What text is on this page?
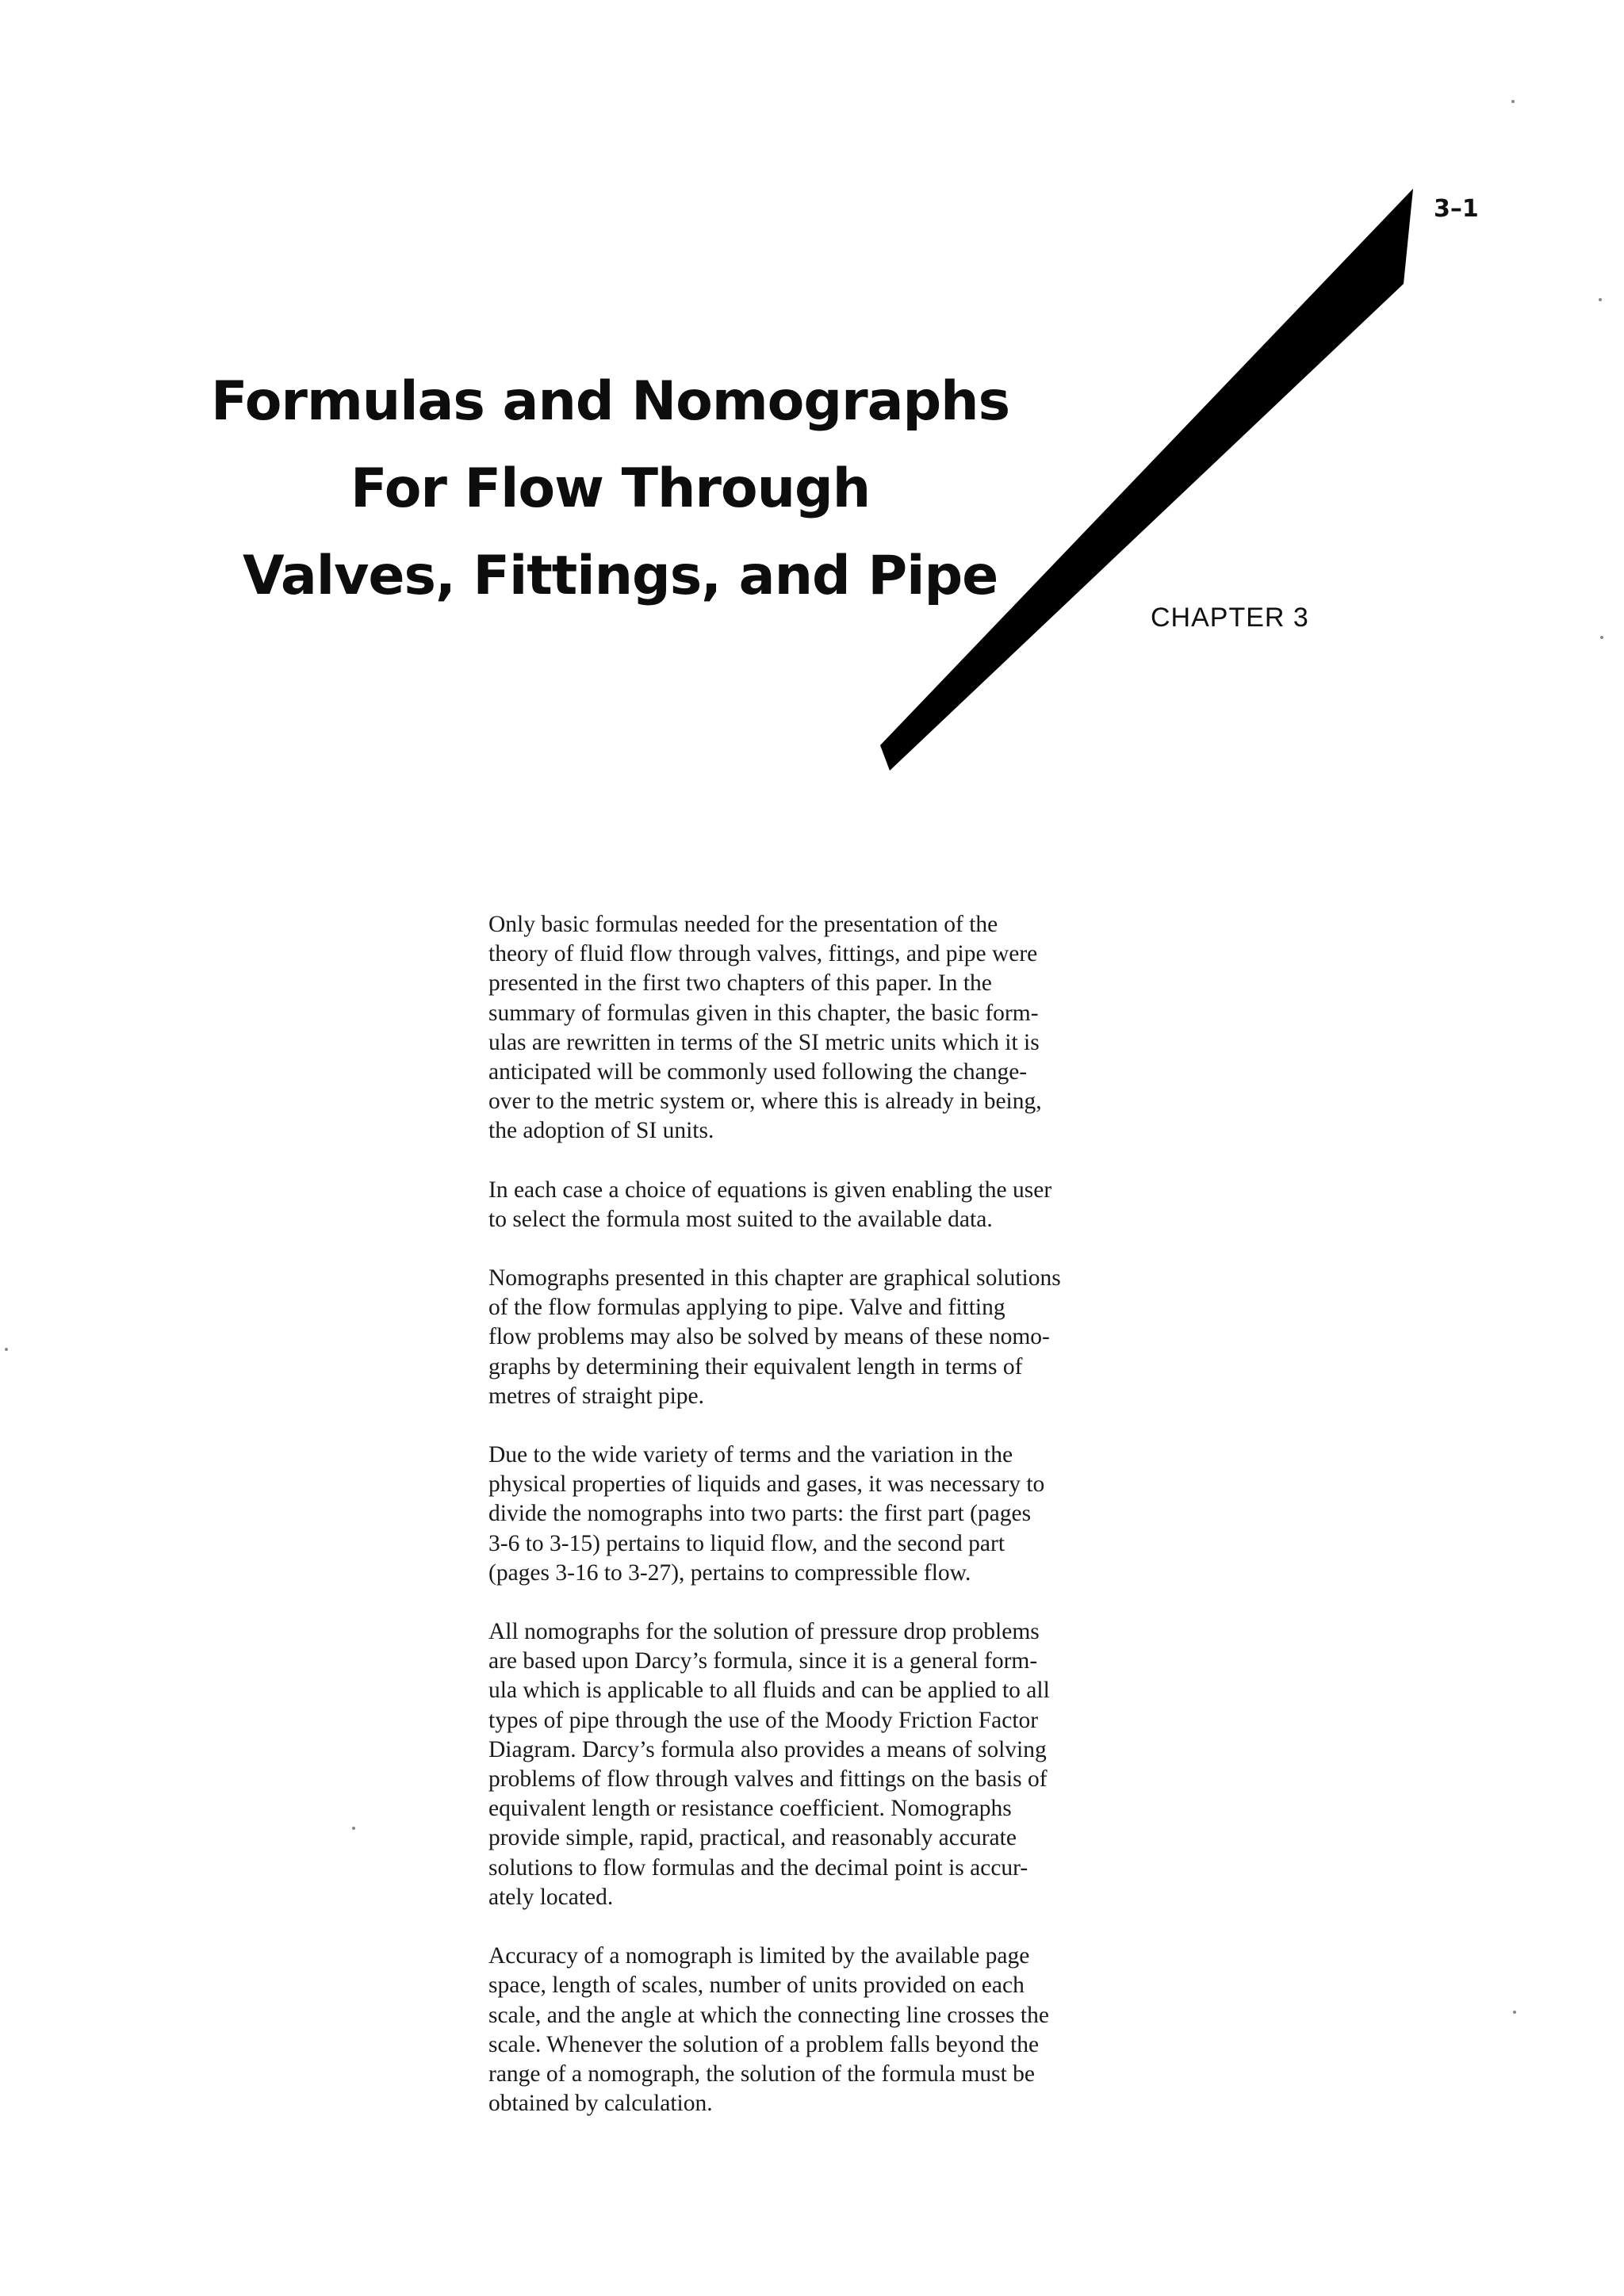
3–1
Formulas and Nomographs
For Flow Through
Valves, Fittings, and Pipe
CHAPTER 3

Only basic formulas needed for the presentation of the
theory of fluid flow through valves, fittings, and pipe were
presented in the first two chapters of this paper. In the
summary of formulas given in this chapter, the basic form-
ulas are rewritten in terms of the SI metric units which it is
anticipated will be commonly used following the change-
over to the metric system or, where this is already in being,
the adoption of SI units.

In each case a choice of equations is given enabling the user
to select the formula most suited to the available data.

Nomographs presented in this chapter are graphical solutions
of the flow formulas applying to pipe. Valve and fitting
flow problems may also be solved by means of these nomo-
graphs by determining their equivalent length in terms of
metres of straight pipe.

Due to the wide variety of terms and the variation in the
physical properties of liquids and gases, it was necessary to
divide the nomographs into two parts: the first part (pages
3-6 to 3-15) pertains to liquid flow, and the second part
(pages 3-16 to 3-27), pertains to compressible flow.

All nomographs for the solution of pressure drop problems
are based upon Darcy’s formula, since it is a general form-
ula which is applicable to all fluids and can be applied to all
types of pipe through the use of the Moody Friction Factor
Diagram. Darcy’s formula also provides a means of solving
problems of flow through valves and fittings on the basis of
equivalent length or resistance coefficient. Nomographs
provide simple, rapid, practical, and reasonably accurate
solutions to flow formulas and the decimal point is accur-
ately located.

Accuracy of a nomograph is limited by the available page
space, length of scales, number of units provided on each
scale, and the angle at which the connecting line crosses the
scale. Whenever the solution of a problem falls beyond the
range of a nomograph, the solution of the formula must be
obtained by calculation.
